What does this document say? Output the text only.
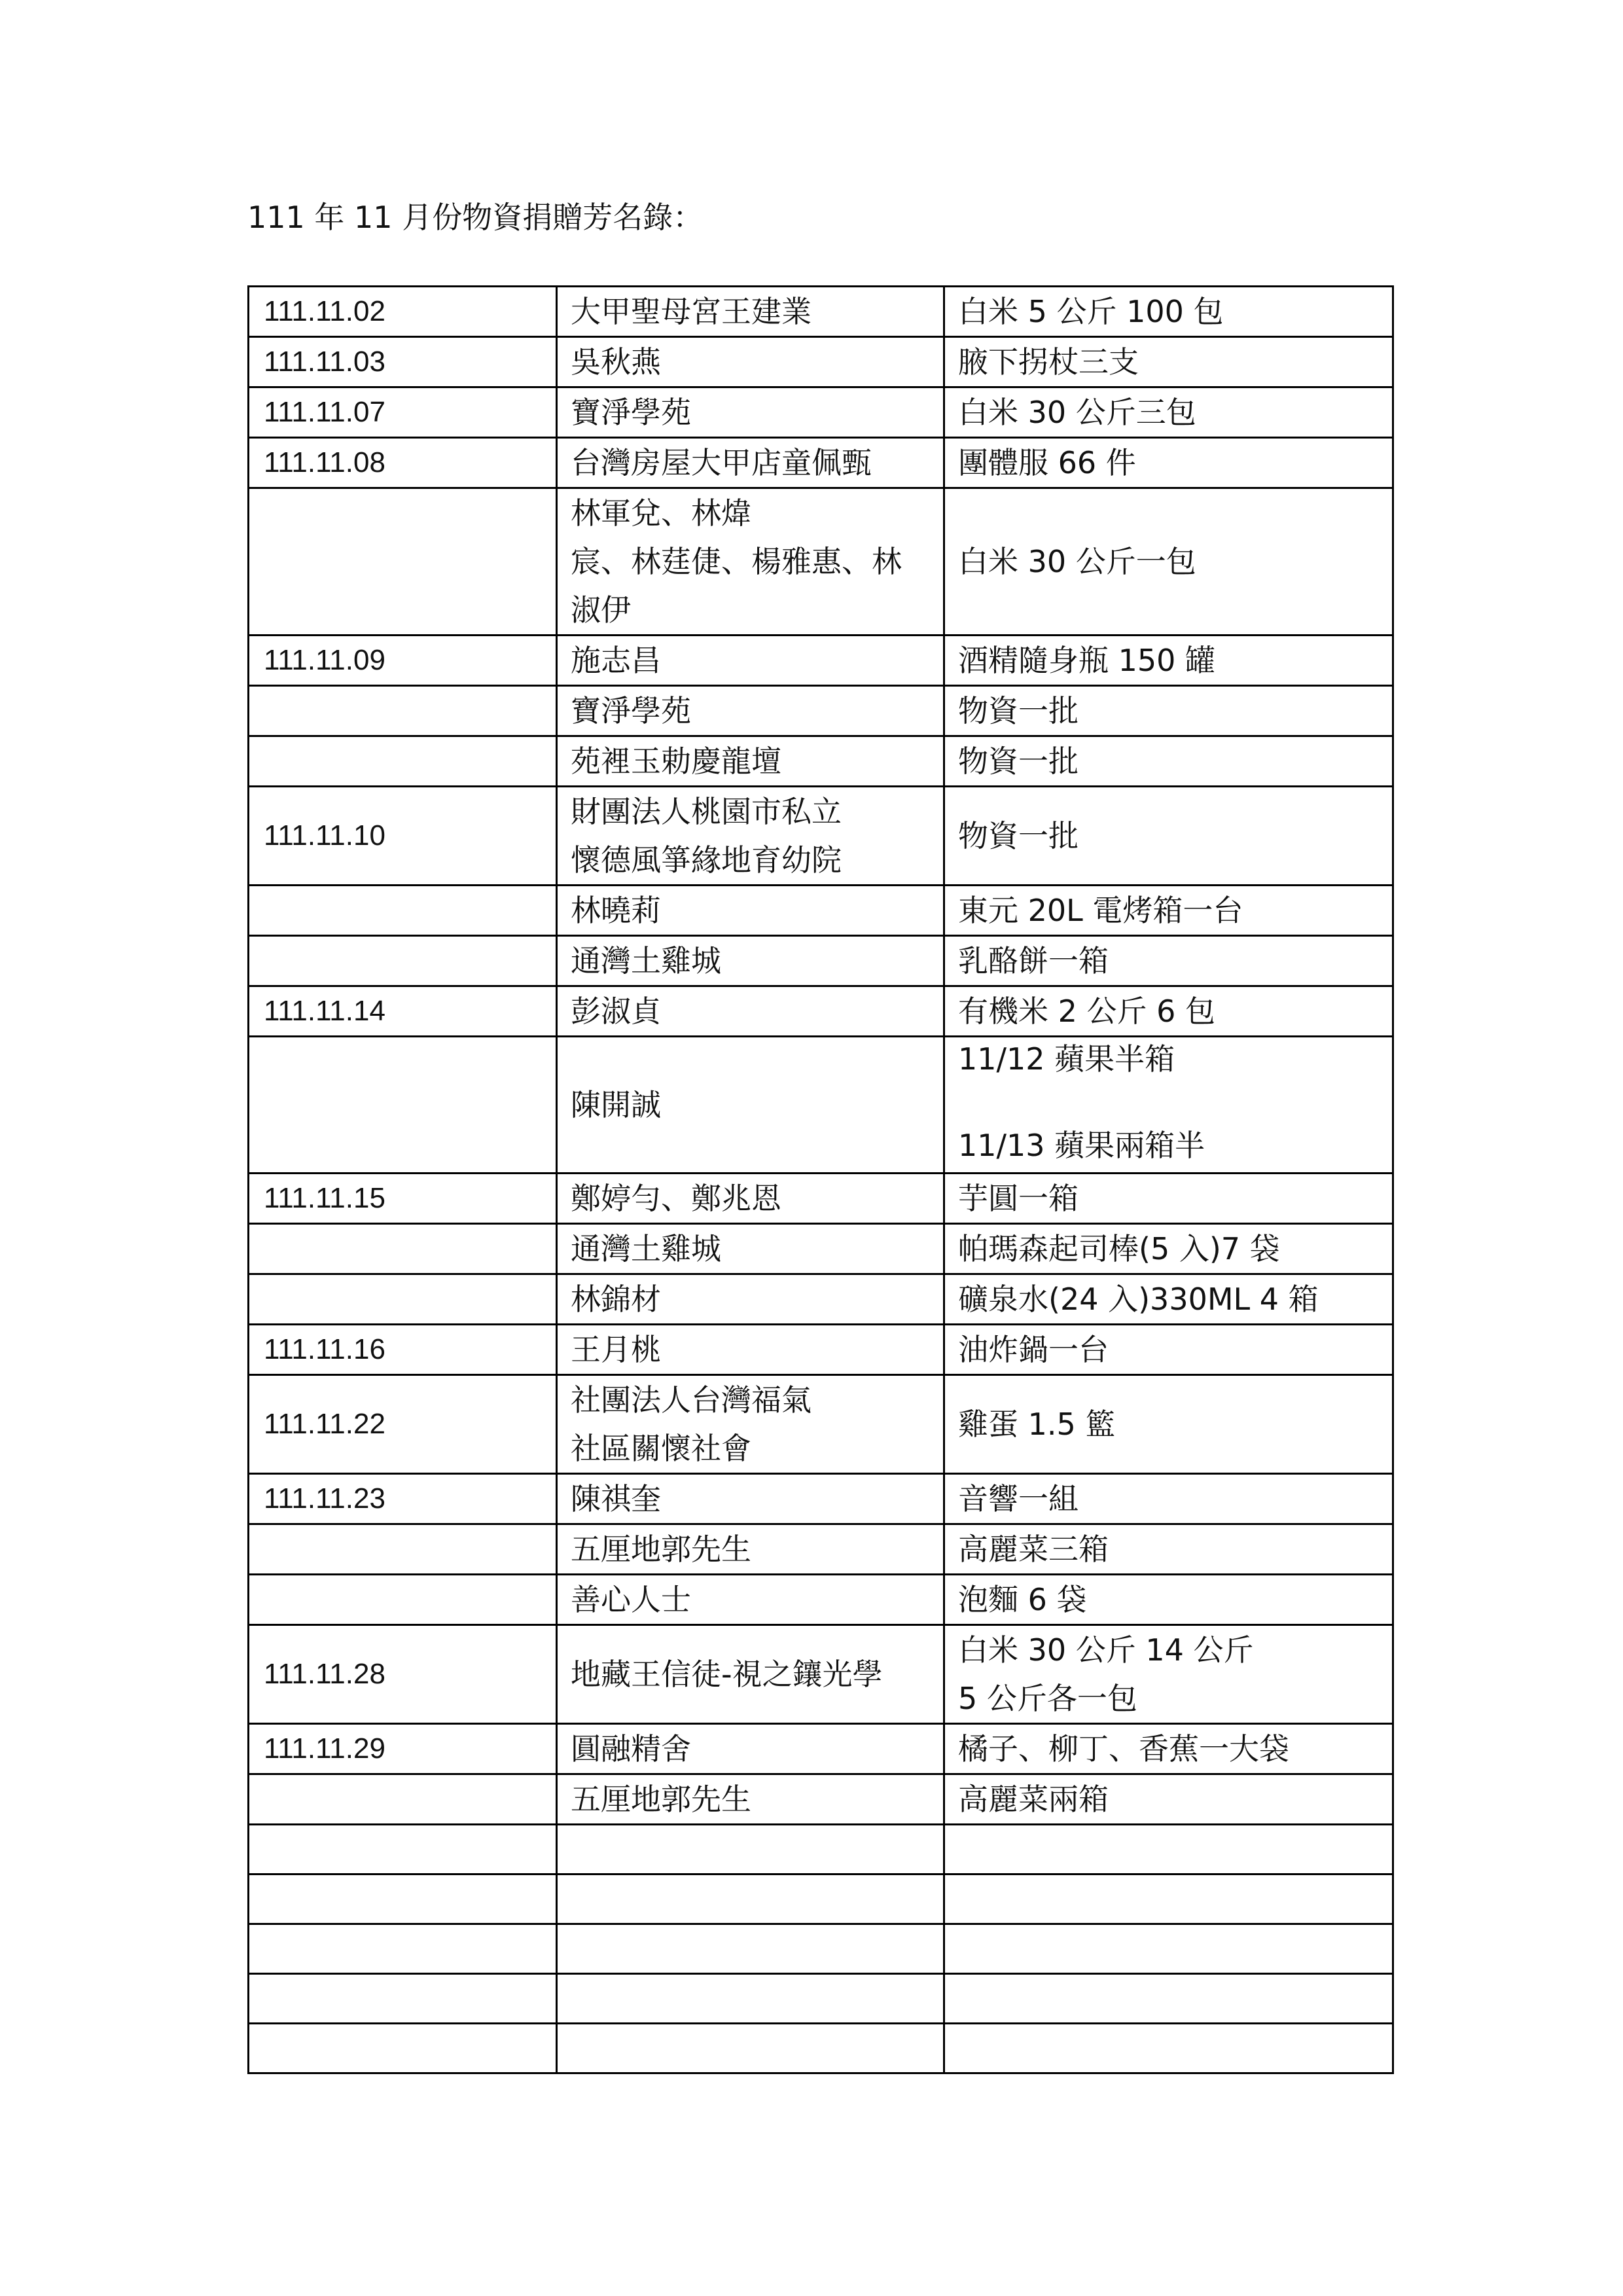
111 年 11 月份物資捐贈芳名錄：
111.11.02	大甲聖母宮王建業	白米 5 公斤 100 包
111.11.03	吳秋燕	腋下拐杖三支
111.11.07	寶淨學苑	白米 30 公斤三包
111.11.08	台灣房屋大甲店童佩甄	團體服 66 件

	林軍兌、林煒
宸、林莛倢、楊雅惠、林淑伊	白米 30 公斤一包
111.11.09	施志昌	酒精隨身瓶 150 罐
	寶淨學苑	物資一批
	苑裡玉勅慶龍壇	物資一批
111.11.10	財團法人桃園市私立
懷德風箏緣地育幼院	物資一批
	林曉莉	東元 20L 電烤箱一台
	通灣土雞城	乳酪餅一箱
111.11.14	彭淑貞	有機米 2 公斤 6 包
	陳開誠	11/12 蘋果半箱

11/13 蘋果兩箱半

111.11.15	鄭婷勻、鄭兆恩	芋圓一箱
	通灣土雞城	帕瑪森起司棒(5 入)7 袋
	林錦材	礦泉水(24 入)330ML 4 箱
111.11.16	王月桃	油炸鍋一台
111.11.22	社團法人台灣福氣
社區關懷社會	雞蛋 1.5 籃
111.11.23	陳祺奎	音響一組
	五厘地郭先生	高麗菜三箱
	善心人士	泡麵 6 袋
111.11.28	地藏王信徒-視之鑲光學	白米 30 公斤 14 公斤
5 公斤各一包

111.11.29	圓融精舍	橘子、柳丁、香蕉一大袋
	五厘地郭先生	高麗菜兩箱
